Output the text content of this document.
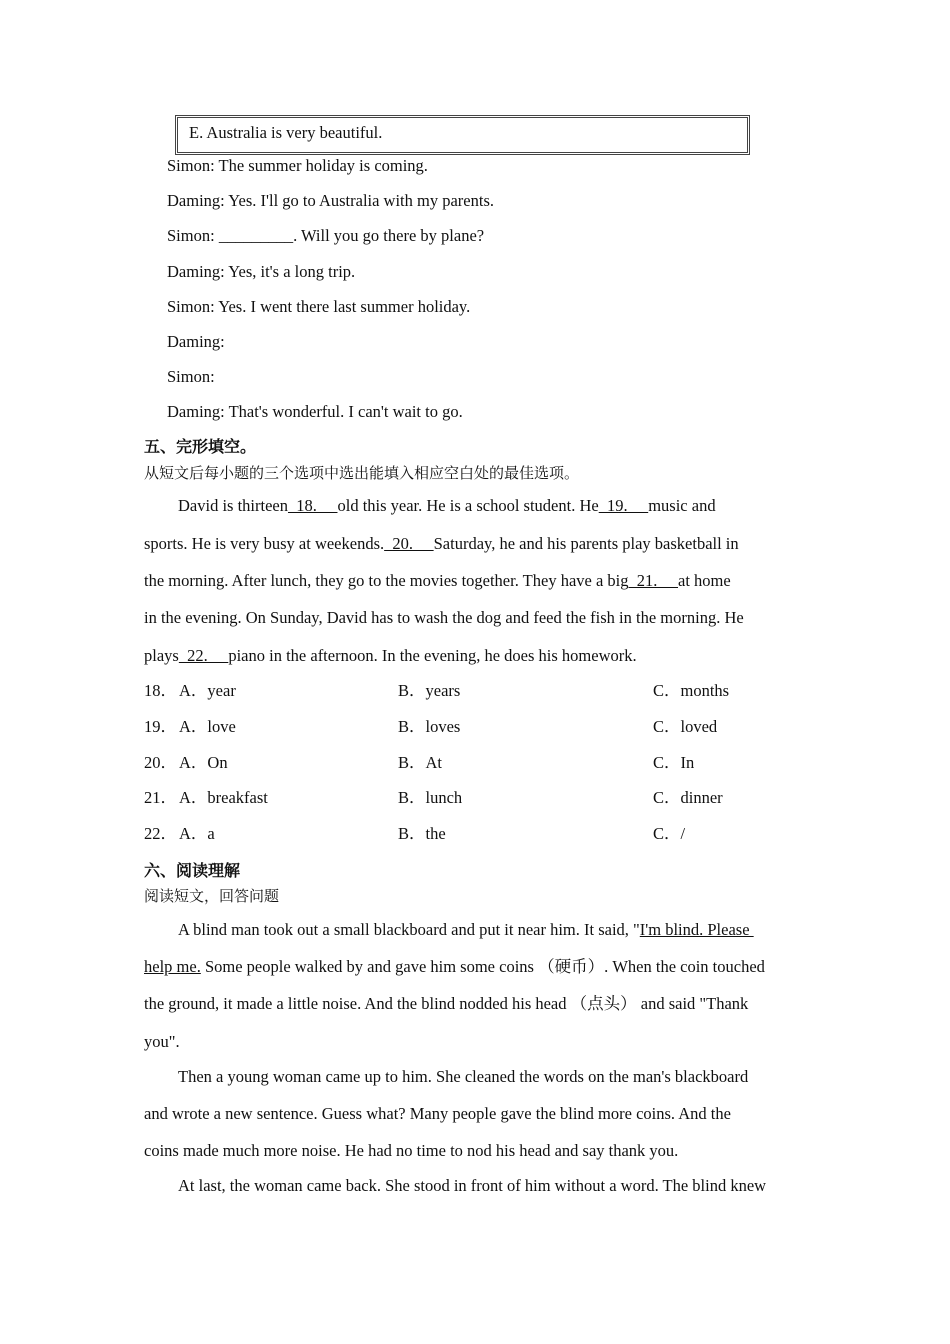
E. Australia is very beautiful.
Simon: The summer holiday is coming.
Daming: Yes. I'll go to Australia with my parents.
Simon: _________. Will you go there by plane?
Daming: Yes, it's a long trip.
Simon: Yes. I went there last summer holiday.
Daming:
Simon:
Daming: That's wonderful. I can't wait to go.
五、完形填空。
从短文后每小题的三个选项中选出能填入相应空白处的最佳选项。
David is thirteen  18.     old this year. He is a school student. He  19.     music and
sports. He is very busy at weekends.  20.     Saturday, he and his parents play basketball in
the morning. After lunch, they go to the movies together. They have a big  21.     at home
in the evening. On Sunday, David has to wash the dog and feed the fish in the morning. He
plays  22.     piano in the afternoon. In the evening, he does his homework.
18． A．year	B．years	C．months
19． A．love	B．loves	C．loved
20． A．On	B．At	C．In
21． A．breakfast	B．lunch	C．dinner
22． A．a	B．the	C．/
六、阅读理解
阅读短文，回答问题
A blind man took out a small blackboard and put it near him. It said, "I'm blind. Please
help me. Some people walked by and gave him some coins （硬币）. When the coin touched
the ground, it made a little noise. And the blind nodded his head （点头） and said "Thank
you".
Then a young woman came up to him. She cleaned the words on the man's blackboard
and wrote a new sentence. Guess what? Many people gave the blind more coins. And the
coins made much more noise. He had no time to nod his head and say thank you.
At last, the woman came back. She stood in front of him without a word. The blind knew
